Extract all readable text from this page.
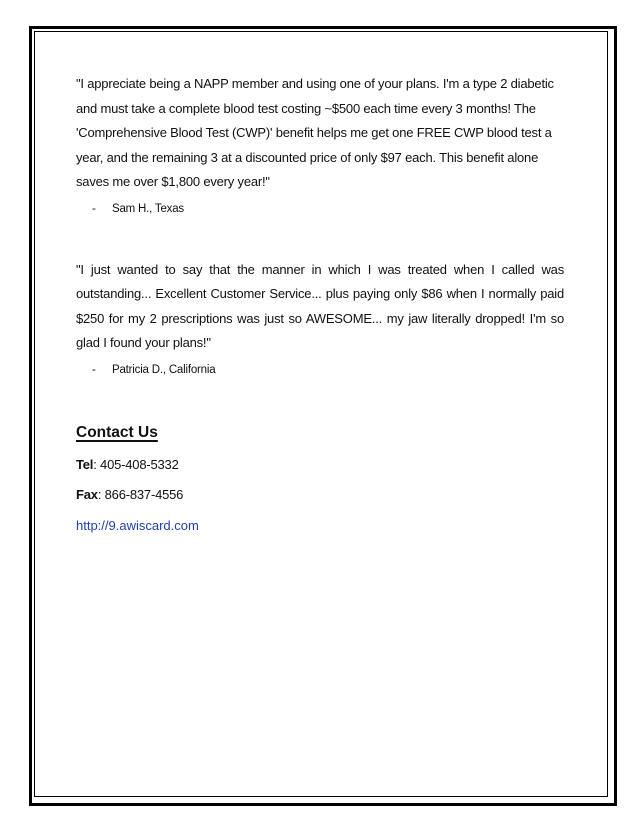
"I appreciate being a NAPP member and using one of your plans. I'm a type 2 diabetic and must take a complete blood test costing ~$500 each time every 3 months! The 'Comprehensive Blood Test (CWP)' benefit helps me get one FREE CWP blood test a year, and the remaining 3 at a discounted price of only $97 each. This benefit alone saves me over $1,800 every year!"

-	Sam H., Texas

"I just wanted to say that the manner in which I was treated when I called was outstanding... Excellent Customer Service... plus paying only $86 when I normally paid $250 for my 2 prescriptions was just so AWESOME... my jaw literally dropped! I'm so glad I found your plans!"

-	Patricia D., California
Contact Us
Tel: 405-408-5332
Fax: 866-837-4556
http://9.awiscard.com
